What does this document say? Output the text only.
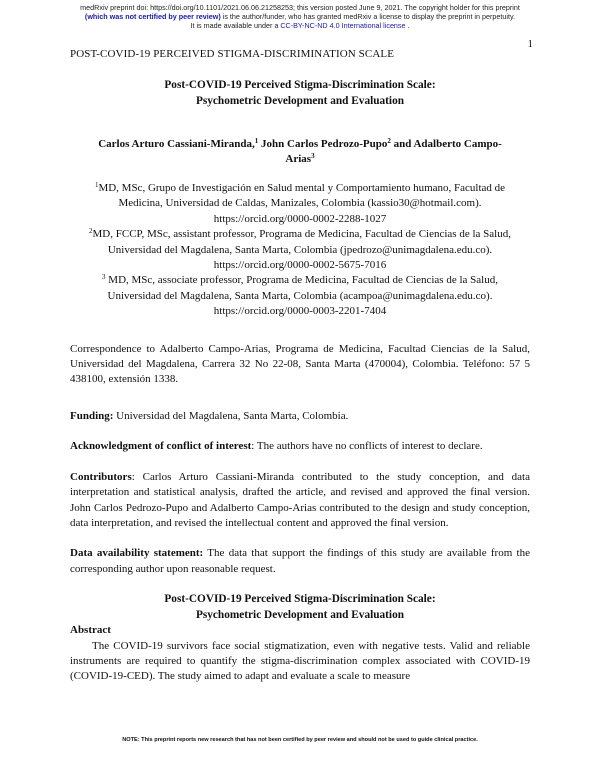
medRxiv preprint doi: https://doi.org/10.1101/2021.06.06.21258253; this version posted June 9, 2021. The copyright holder for this preprint
(which was not certified by peer review) is the author/funder, who has granted medRxiv a license to display the preprint in perpetuity.
It is made available under a CC-BY-NC-ND 4.0 International license .
1
POST-COVID-19 PERCEIVED STIGMA-DISCRIMINATION SCALE
Post-COVID-19 Perceived Stigma-Discrimination Scale:
Psychometric Development and Evaluation
Carlos Arturo Cassiani-Miranda,$^1$ John Carlos Pedrozo-Pupo$^2$ and Adalberto Campo-
Arias$^3$
$^1$MD, MSc, Grupo de Investigación en Salud mental y Comportamiento humano, Facultad de
Medicina, Universidad de Caldas, Manizales, Colombia (kassio30@hotmail.com).
https://orcid.org/0000-0002-2288-1027
$^2$MD, FCCP, MSc, assistant professor, Programa de Medicina, Facultad de Ciencias de la Salud,
Universidad del Magdalena, Santa Marta, Colombia (jpedrozo@unimagdalena.edu.co).
https://orcid.org/0000-0002-5675-7016
$^3$ MD, MSc, associate professor, Programa de Medicina, Facultad de Ciencias de la Salud,
Universidad del Magdalena, Santa Marta, Colombia (acampoa@unimagdalena.edu.co).
https://orcid.org/0000-0003-2201-7404

Correspondence to Adalberto Campo-Arias, Programa de Medicina, Facultad Ciencias de la Salud, Universidad del Magdalena, Carrera 32 No 22-08, Santa Marta (470004), Colombia. Teléfono: 57 5 438100, extensión 1338.

Funding: Universidad del Magdalena, Santa Marta, Colombia.

Acknowledgment of conflict of interest: The authors have no conflicts of interest to declare.

Contributors: Carlos Arturo Cassiani-Miranda contributed to the study conception, and data interpretation and statistical analysis, drafted the article, and revised and approved the final version. John Carlos Pedrozo-Pupo and Adalberto Campo-Arias contributed to the design and study conception, data interpretation, and revised the intellectual content and approved the final version.

Data availability statement: The data that support the findings of this study are available from the corresponding author upon reasonable request.

Post-COVID-19 Perceived Stigma-Discrimination Scale:
Psychometric Development and Evaluation
Abstract

The COVID-19 survivors face social stigmatization, even with negative tests. Valid and reliable instruments are required to quantify the stigma-discrimination complex associated with COVID-19 (COVID-19-CED). The study aimed to adapt and evaluate a scale to measure

NOTE: This preprint reports new research that has not been certified by peer review and should not be used to guide clinical practice.
